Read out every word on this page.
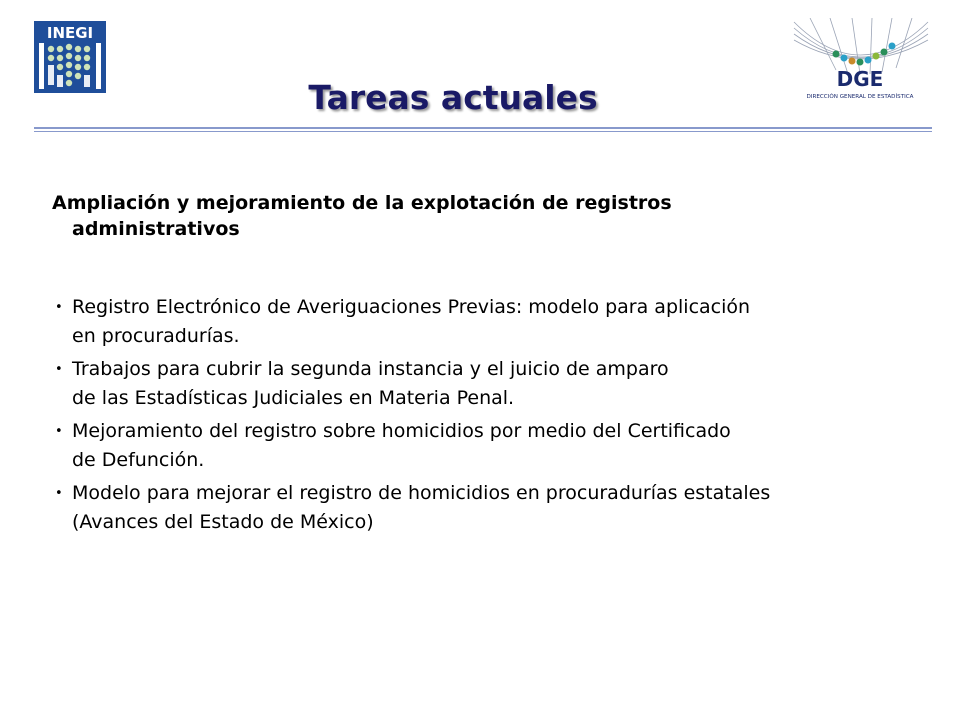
INEGI
DGE
DIRECCIÓN GENERAL DE ESTADÍSTICA
Tareas actuales

Ampliación y mejoramiento de la explotación de registros
administrativos

• Registro Electrónico de Averiguaciones Previas: modelo para aplicación
en procuradurías.
• Trabajos para cubrir la segunda instancia y el juicio de amparo
de las Estadísticas Judiciales en Materia Penal.
• Mejoramiento del registro sobre homicidios por medio del Certificado
de Defunción.
• Modelo para mejorar el registro de homicidios en procuradurías estatales
(Avances del Estado de México)
